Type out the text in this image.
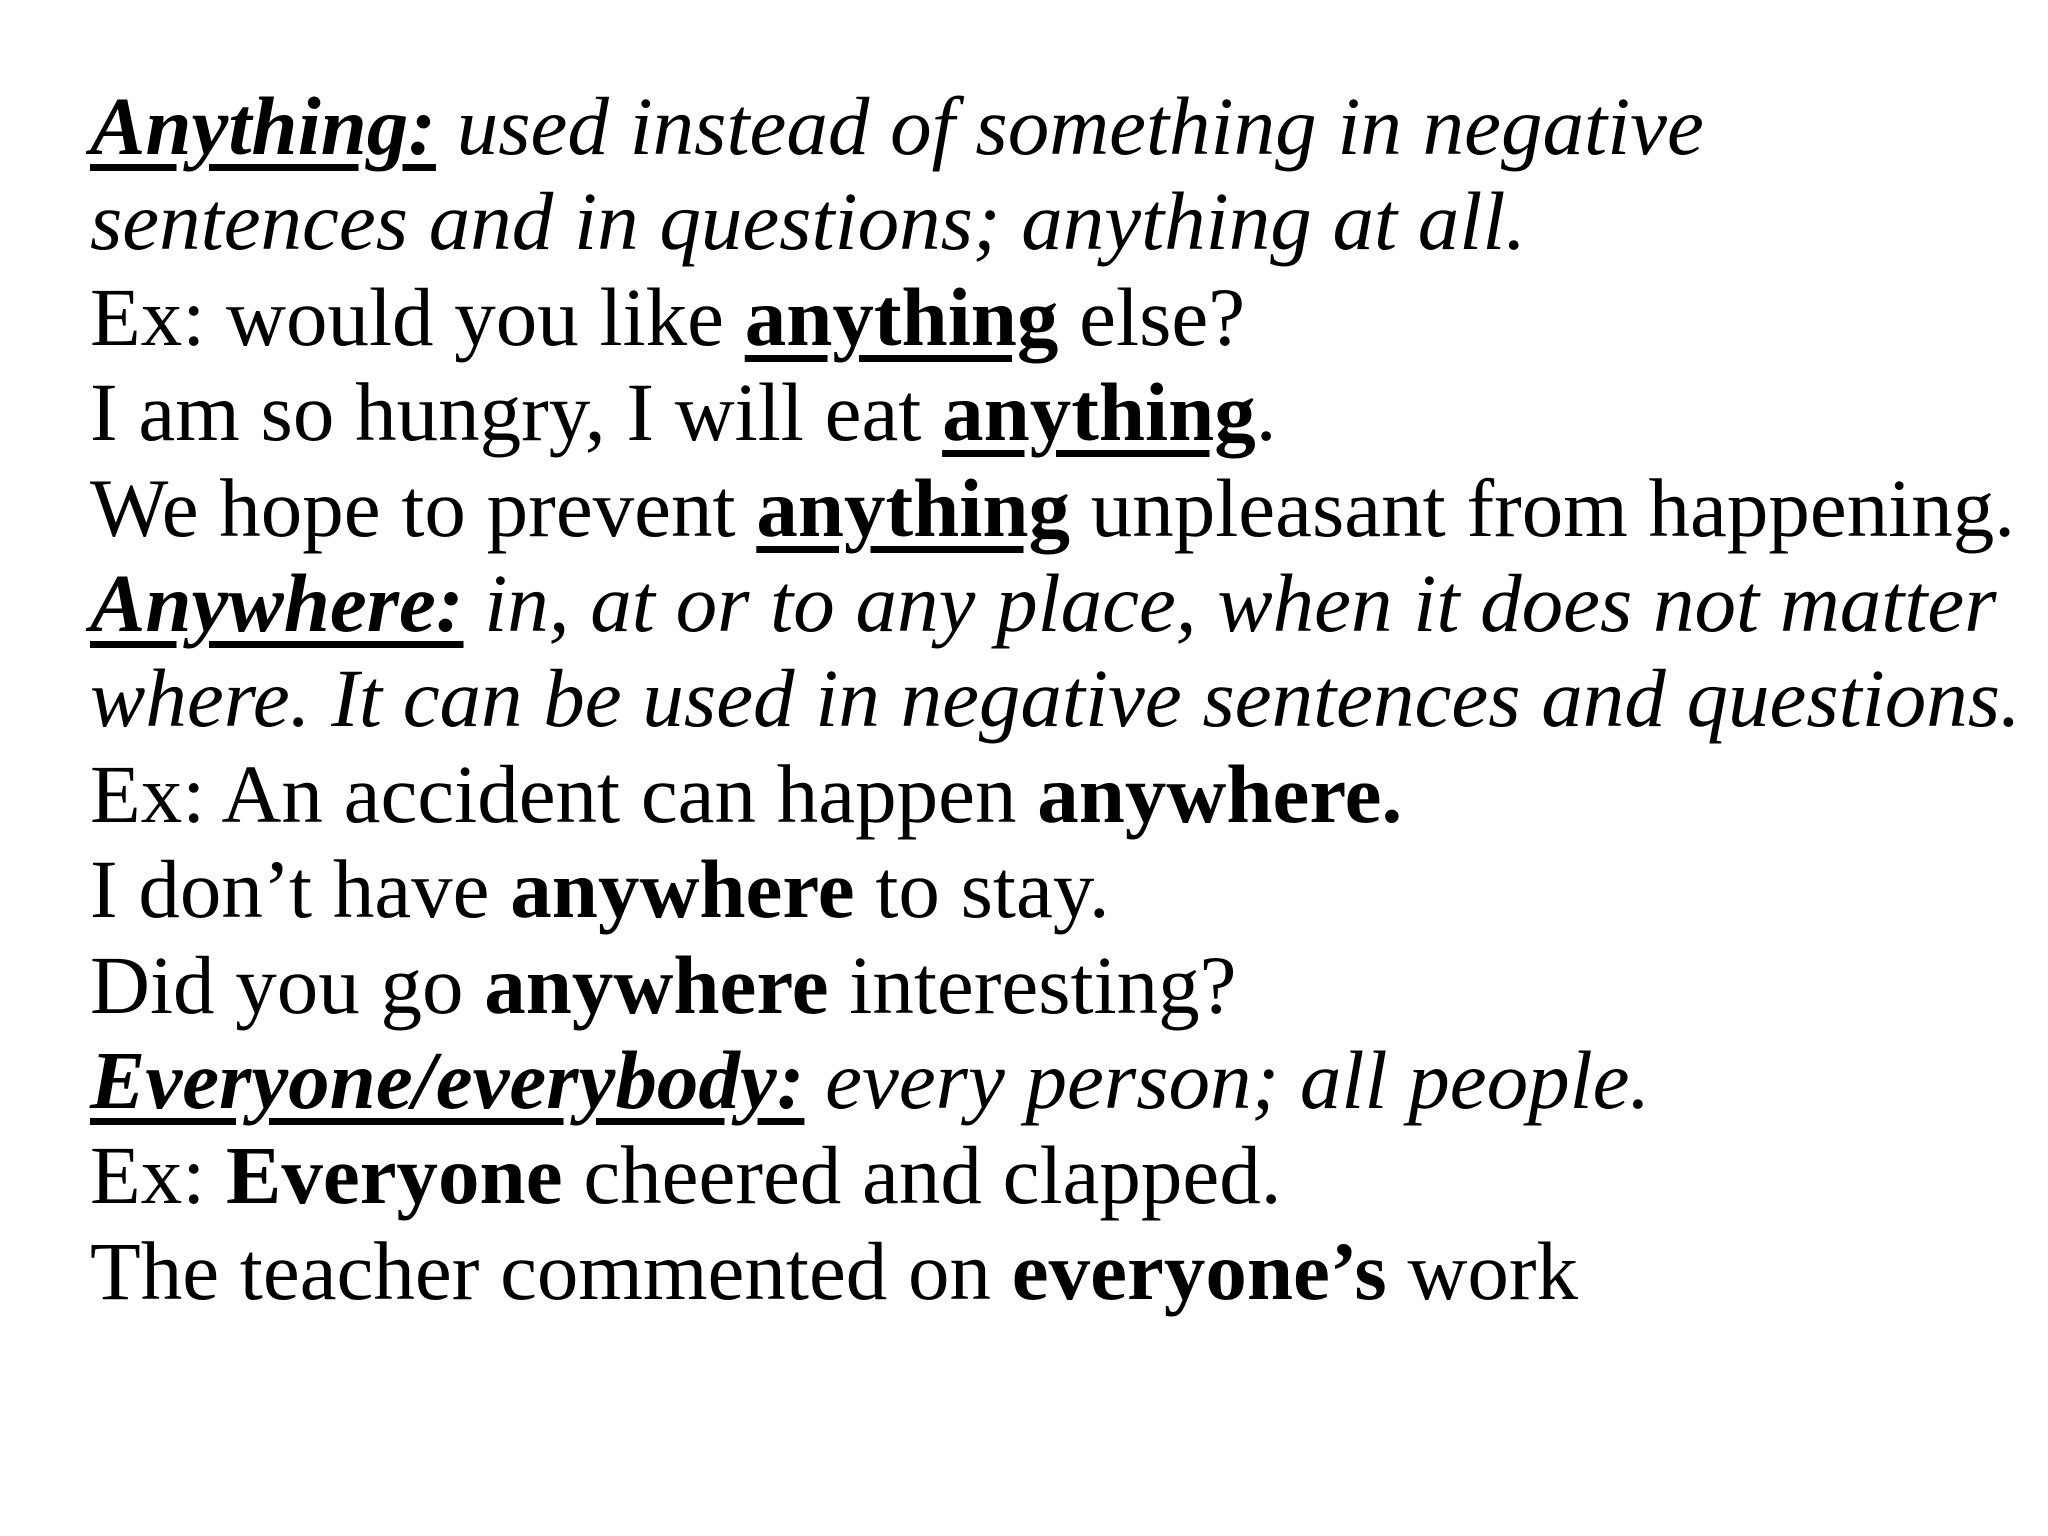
Anything: used instead of something in negative
sentences and in questions; anything at all.
Ex: would you like anything else?
I am so hungry, I will eat anything.
We hope to prevent anything unpleasant from happening.
Anywhere: in, at or to any place, when it does not matter
where. It can be used in negative sentences and questions.
Ex: An accident can happen anywhere.
I don’t have anywhere to stay.
Did you go anywhere interesting?
Everyone/everybody: every person; all people.
Ex: Everyone cheered and clapped.
The teacher commented on everyone’s work
